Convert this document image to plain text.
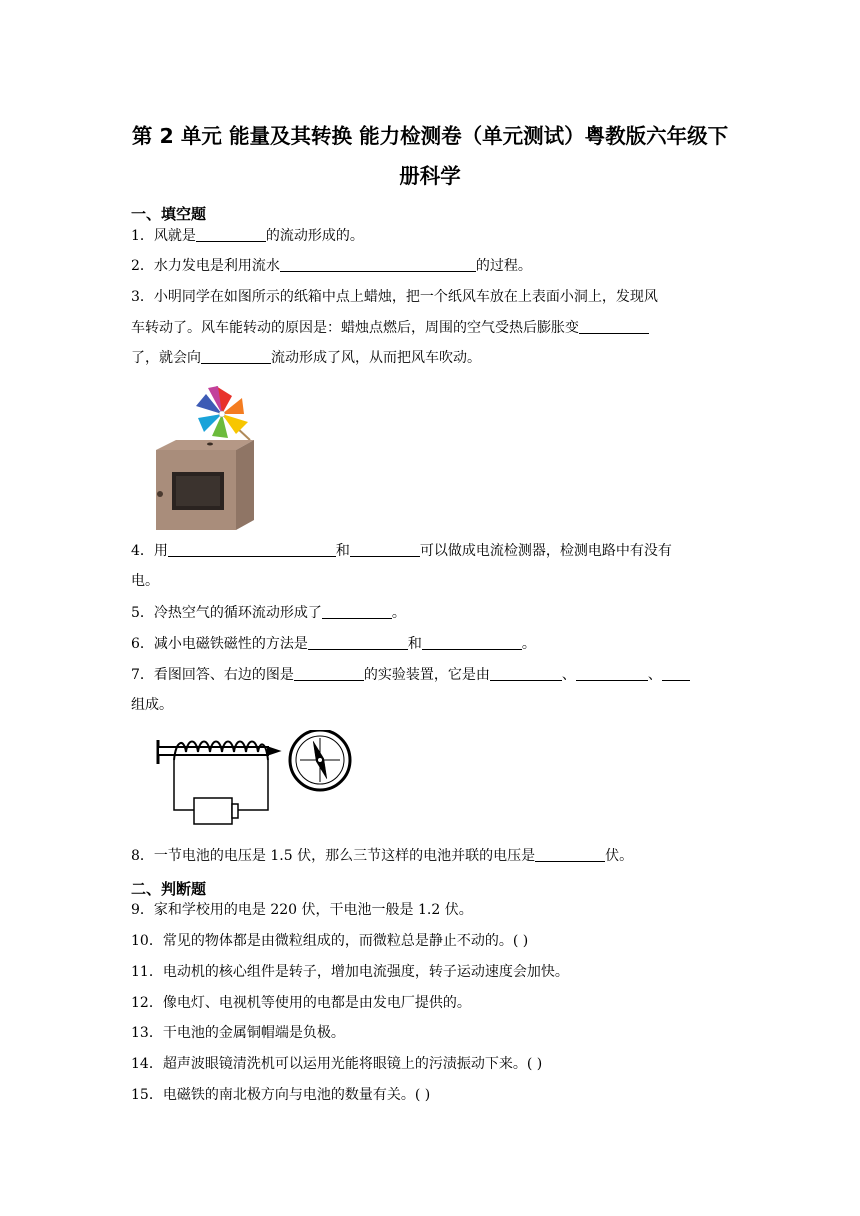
第 2 单元 能量及其转换 能力检测卷（单元测试）粤教版六年级下
册科学
一、填空题
1．风就是	的流动形成的。
2．水力发电是利用流水	的过程。
3．小明同学在如图所示的纸箱中点上蜡烛，把一个纸风车放在上表面小洞上，发现风
车转动了。风车能转动的原因是：蜡烛点燃后，周围的空气受热后膨胀变
了，就会向	流动形成了风，从而把风车吹动。
4．用	和	可以做成电流检测器，检测电路中有没有
电。
5．冷热空气的循环流动形成了	。
6．减小电磁铁磁性的方法是	和	。
7．看图回答、右边的图是	的实验装置，它是由	、	、
组成。
8．一节电池的电压是 1.5 伏，那么三节这样的电池并联的电压是	伏。
二、判断题
9．家和学校用的电是 220 伏，干电池一般是 1.2 伏。
10．常见的物体都是由微粒组成的，而微粒总是静止不动的。( )
11．电动机的核心组件是转子，增加电流强度，转子运动速度会加快。
12．像电灯、电视机等使用的电都是由发电厂提供的。
13．干电池的金属铜帽端是负极。
14．超声波眼镜清洗机可以运用光能将眼镜上的污渍振动下来。( )
15．电磁铁的南北极方向与电池的数量有关。( )
